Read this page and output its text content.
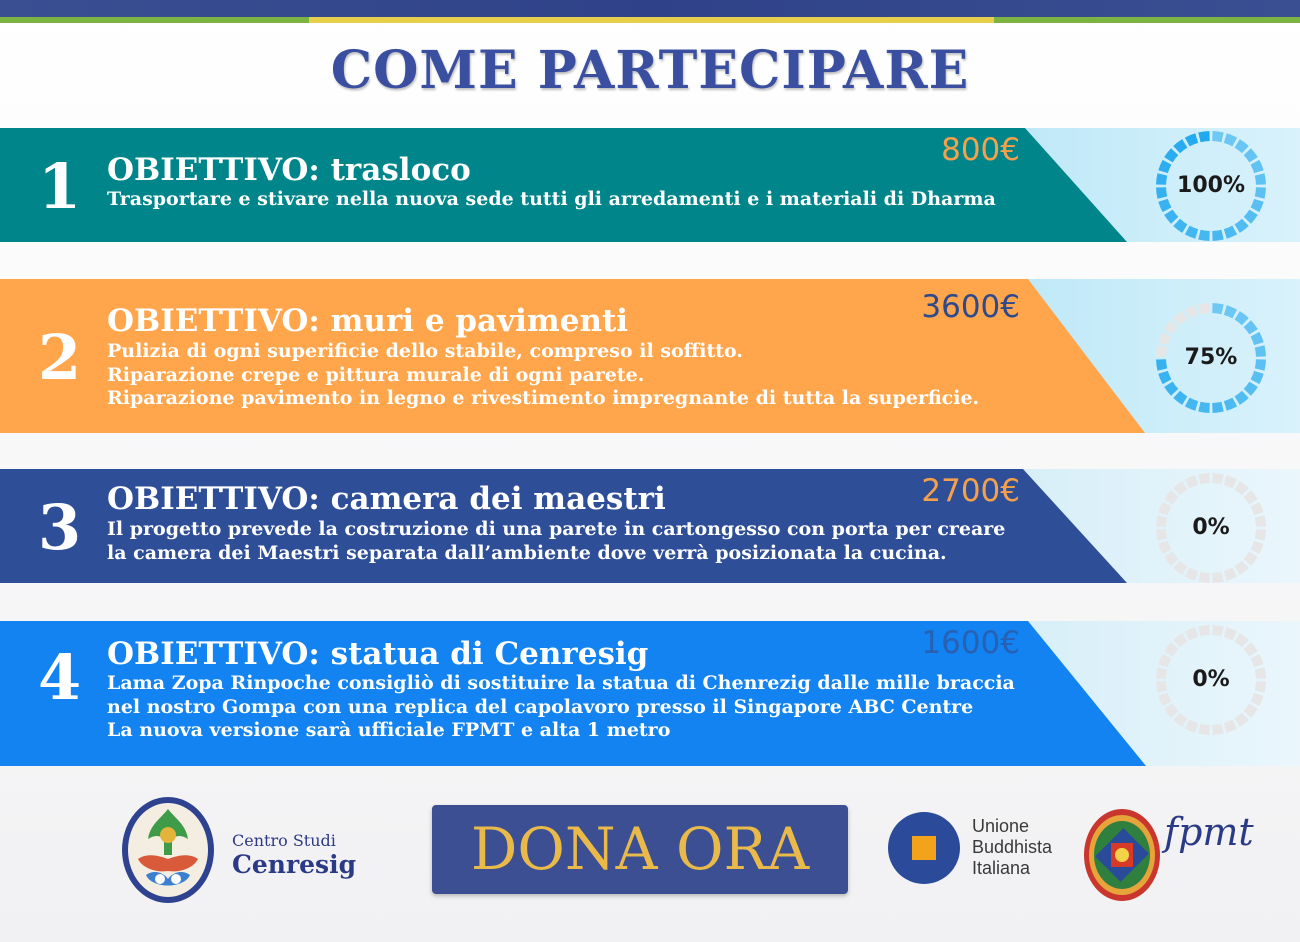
COME PARTECIPARE
1	800€
OBIETTIVO: trasloco

Trasportare e stivare nella nuova sede tutti gli arredamenti e i materiali di Dharma

100%
2
3600€
OBIETTIVO: muri e pavimenti

Pulizia di ogni superificie dello stabile, compreso il soffitto.
Riparazione crepe e pittura murale di ogni parete.
Riparazione pavimento in legno e rivestimento impregnante di tutta la superficie.

75%
3	2700€
OBIETTIVO: camera dei maestri

Il progetto prevede la costruzione di una parete in cartongesso con porta per creare
la camera dei Maestri separata dall’ambiente dove verrà posizionata la cucina.

0%
4	1600€
OBIETTIVO: statua di Cenresig

Lama Zopa Rinpoche consigliò di sostituire la statua di Chenrezig dalle mille braccia
nel nostro Gompa con una replica del capolavoro presso il Singapore ABC Centre
La nuova versione sarà ufficiale FPMT e alta 1 metro

0%
Centro Studi
Cenresig	DONA ORA	Unione
Buddhista
Italiana
fpmt
